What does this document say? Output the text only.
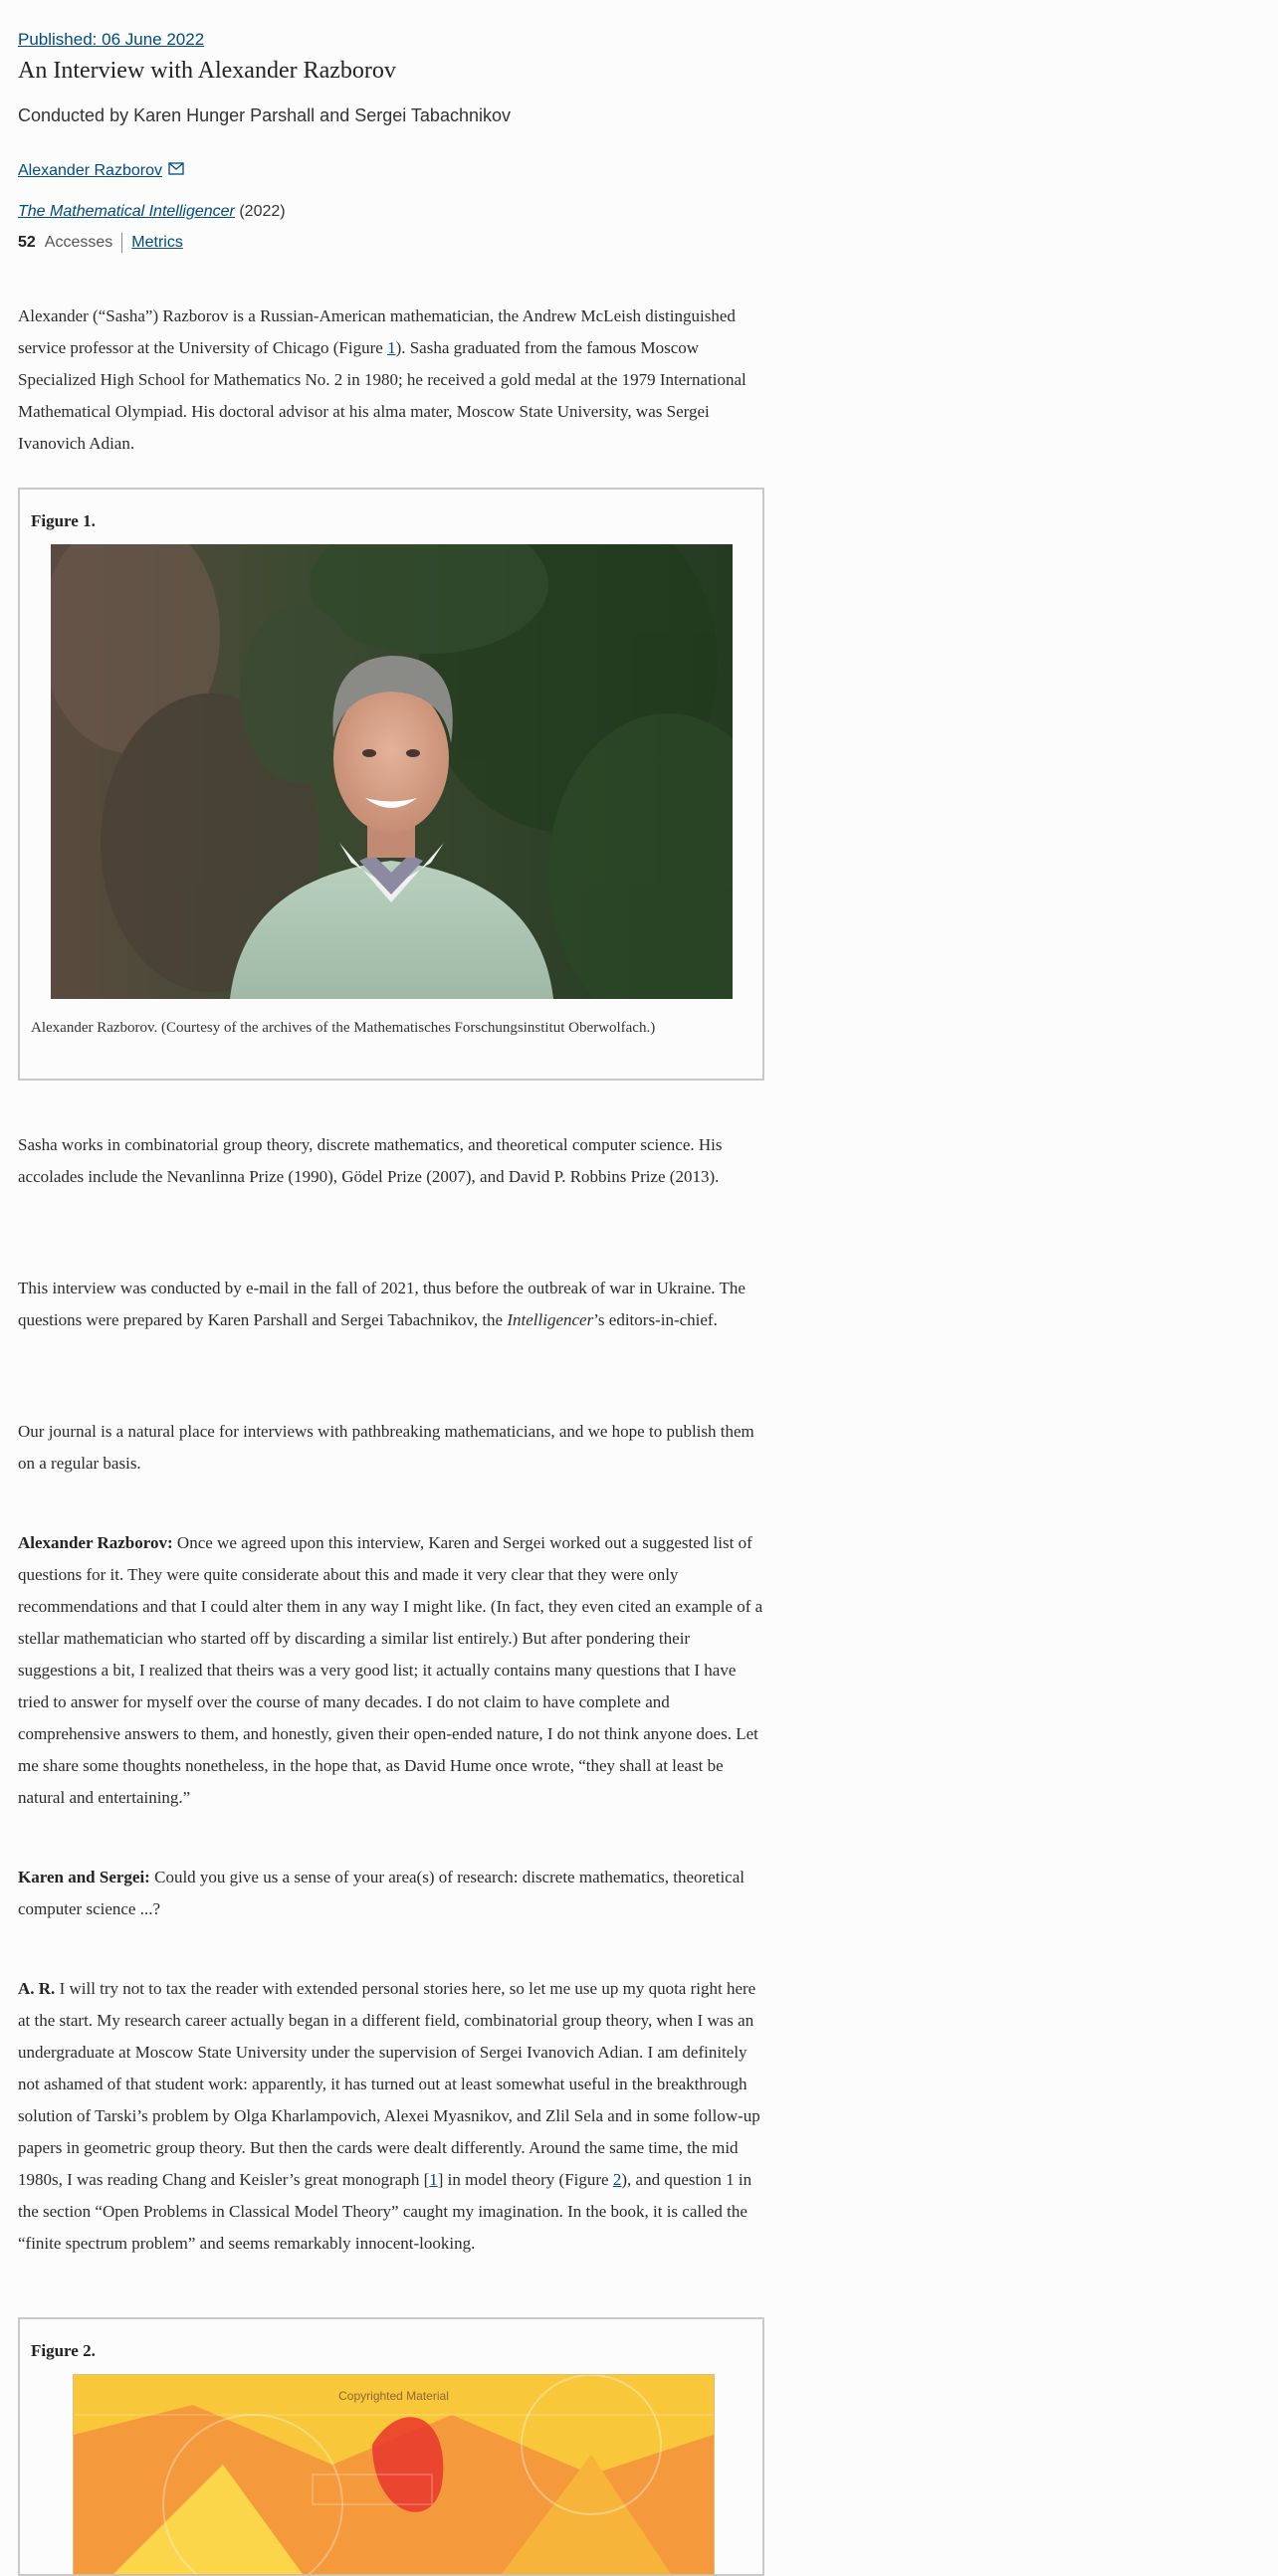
Published: 06 June 2022
An Interview with Alexander Razborov
Conducted by Karen Hunger Parshall and Sergei Tabachnikov
Alexander Razborov
The Mathematical Intelligencer (2022)
52 Accesses Metrics

Alexander (“Sasha”) Razborov is a Russian-American mathematician, the Andrew McLeish distinguished service professor at the University of Chicago (Figure 1). Sasha graduated from the famous Moscow Specialized High School for Mathematics No. 2 in 1980; he received a gold medal at the 1979 International Mathematical Olympiad. His doctoral advisor at his alma mater, Moscow State University, was Sergei Ivanovich Adian.

Figure 1.
Alexander Razborov. (Courtesy of the archives of the Mathematisches Forschungsinstitut Oberwolfach.)

Sasha works in combinatorial group theory, discrete mathematics, and theoretical computer science. His accolades include the Nevanlinna Prize (1990), Gödel Prize (2007), and David P. Robbins Prize (2013).

This interview was conducted by e-mail in the fall of 2021, thus before the outbreak of war in Ukraine. The questions were prepared by Karen Parshall and Sergei Tabachnikov, the Intelligencer’s editors-in-chief.

Our journal is a natural place for interviews with pathbreaking mathematicians, and we hope to publish them on a regular basis.

Alexander Razborov: Once we agreed upon this interview, Karen and Sergei worked out a suggested list of questions for it. They were quite considerate about this and made it very clear that they were only recommendations and that I could alter them in any way I might like. (In fact, they even cited an example of a stellar mathematician who started off by discarding a similar list entirely.) But after pondering their suggestions a bit, I realized that theirs was a very good list; it actually contains many questions that I have tried to answer for myself over the course of many decades. I do not claim to have complete and comprehensive answers to them, and honestly, given their open-ended nature, I do not think anyone does. Let me share some thoughts nonetheless, in the hope that, as David Hume once wrote, “they shall at least be natural and entertaining.”

Karen and Sergei: Could you give us a sense of your area(s) of research: discrete mathematics, theoretical computer science ...?

A. R. I will try not to tax the reader with extended personal stories here, so let me use up my quota right here at the start. My research career actually began in a different field, combinatorial group theory, when I was an undergraduate at Moscow State University under the supervision of Sergei Ivanovich Adian. I am definitely not ashamed of that student work: apparently, it has turned out at least somewhat useful in the breakthrough solution of Tarski’s problem by Olga Kharlampovich, Alexei Myasnikov, and Zlil Sela and in some follow-up papers in geometric group theory. But then the cards were dealt differently. Around the same time, the mid 1980s, I was reading Chang and Keisler’s great monograph [1] in model theory (Figure 2), and question 1 in the section “Open Problems in Classical Model Theory” caught my imagination. In the book, it is called the “finite spectrum problem” and seems remarkably innocent-looking.

Figure 2.
Copyrighted Material
